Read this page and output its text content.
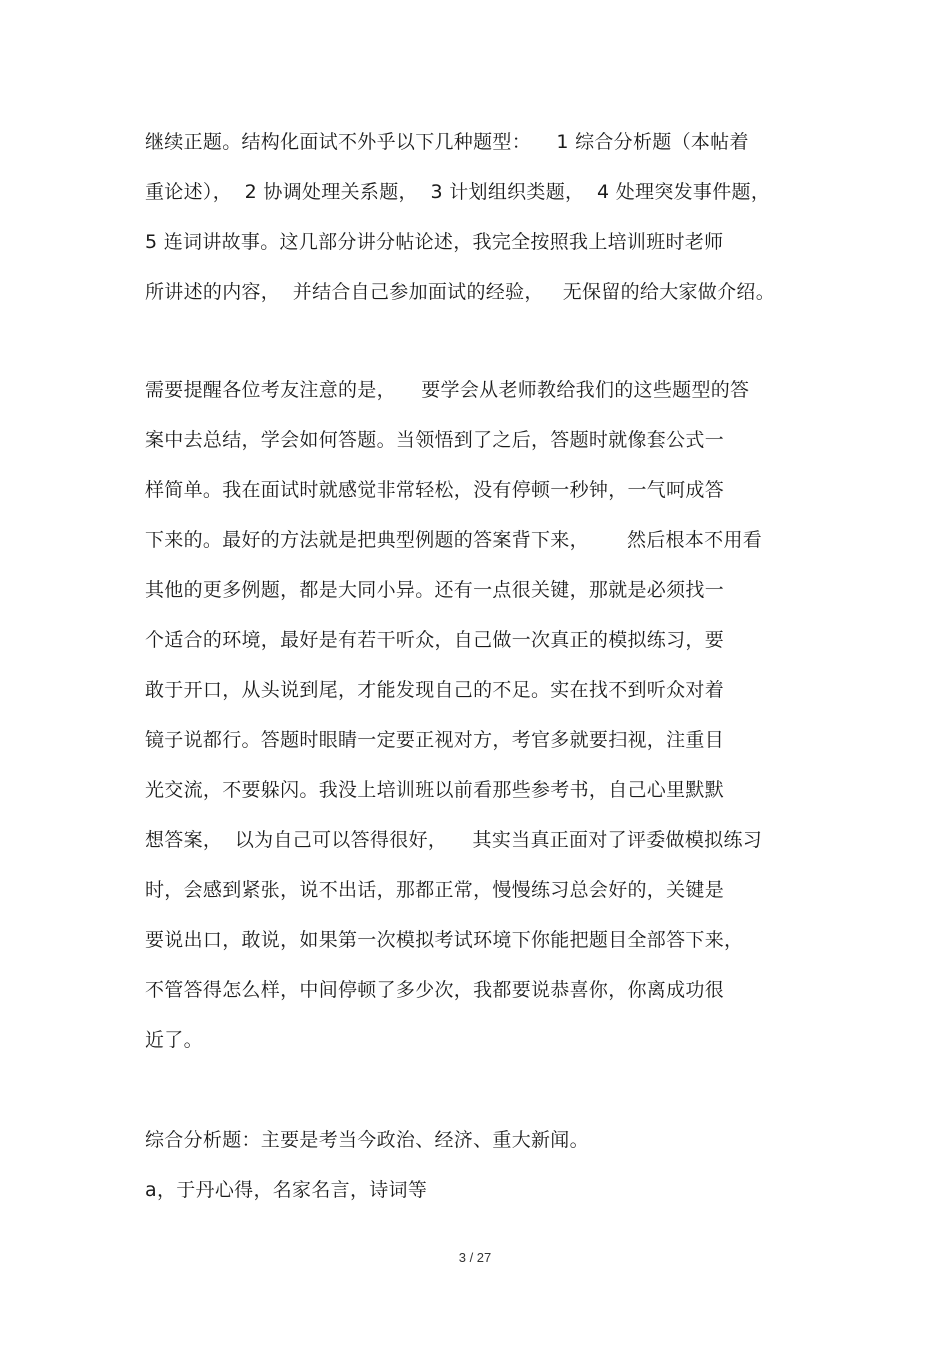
继续正题。结构化面试不外乎以下几种题型：    1 综合分析题（本帖着
重论述），  2 协调处理关系题，  3 计划组织类题，  4 处理突发事件题，
5 连词讲故事。这几部分讲分帖论述，我完全按照我上培训班时老师
所讲述的内容，  并结合自己参加面试的经验，   无保留的给大家做介绍。
需要提醒各位考友注意的是，    要学会从老师教给我们的这些题型的答
案中去总结，学会如何答题。当领悟到了之后，答题时就像套公式一
样简单。我在面试时就感觉非常轻松，没有停顿一秒钟，一气呵成答
下来的。最好的方法就是把典型例题的答案背下来，      然后根本不用看
其他的更多例题，都是大同小异。还有一点很关键，那就是必须找一
个适合的环境，最好是有若干听众，自己做一次真正的模拟练习，要
敢于开口，从头说到尾，才能发现自己的不足。实在找不到听众对着
镜子说都行。答题时眼睛一定要正视对方，考官多就要扫视，注重目
光交流，不要躲闪。我没上培训班以前看那些参考书，自己心里默默
想答案，  以为自己可以答得很好，    其实当真正面对了评委做模拟练习
时，会感到紧张，说不出话，那都正常，慢慢练习总会好的，关键是
要说出口，敢说，如果第一次模拟考试环境下你能把题目全部答下来，
不管答得怎么样，中间停顿了多少次，我都要说恭喜你，你离成功很
近了。
综合分析题：主要是考当今政治、经济、重大新闻。
a，于丹心得，名家名言，诗词等
3 / 27
